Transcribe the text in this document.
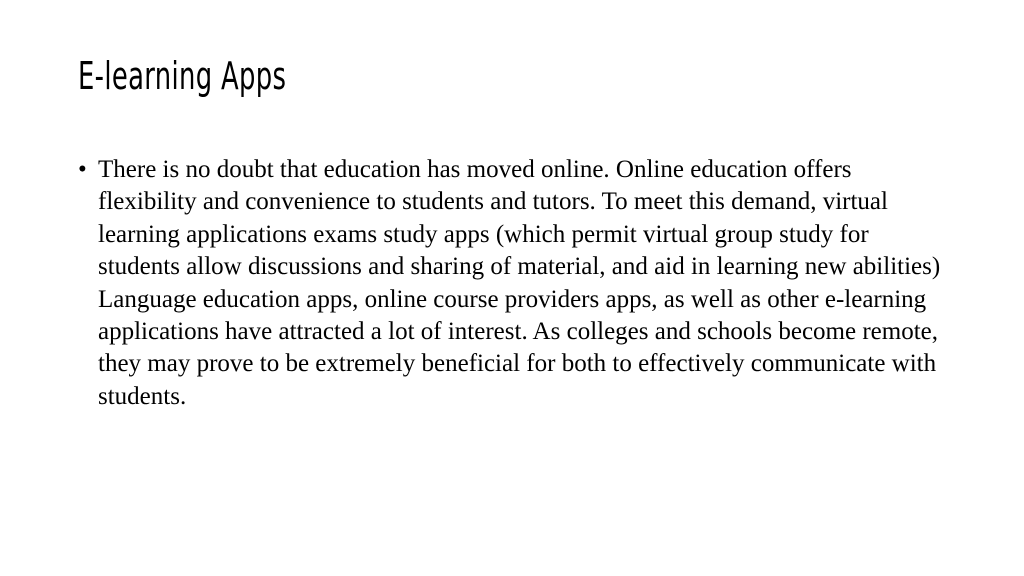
E-learning Apps
• There is no doubt that education has moved online. Online education offers flexibility and convenience to students and tutors. To meet this demand, virtual learning applications exams study apps (which permit virtual group study for students allow discussions and sharing of material, and aid in learning new abilities) Language education apps, online course providers apps, as well as other e-learning applications have attracted a lot of interest. As colleges and schools become remote, they may prove to be extremely beneficial for both to effectively communicate with students.
